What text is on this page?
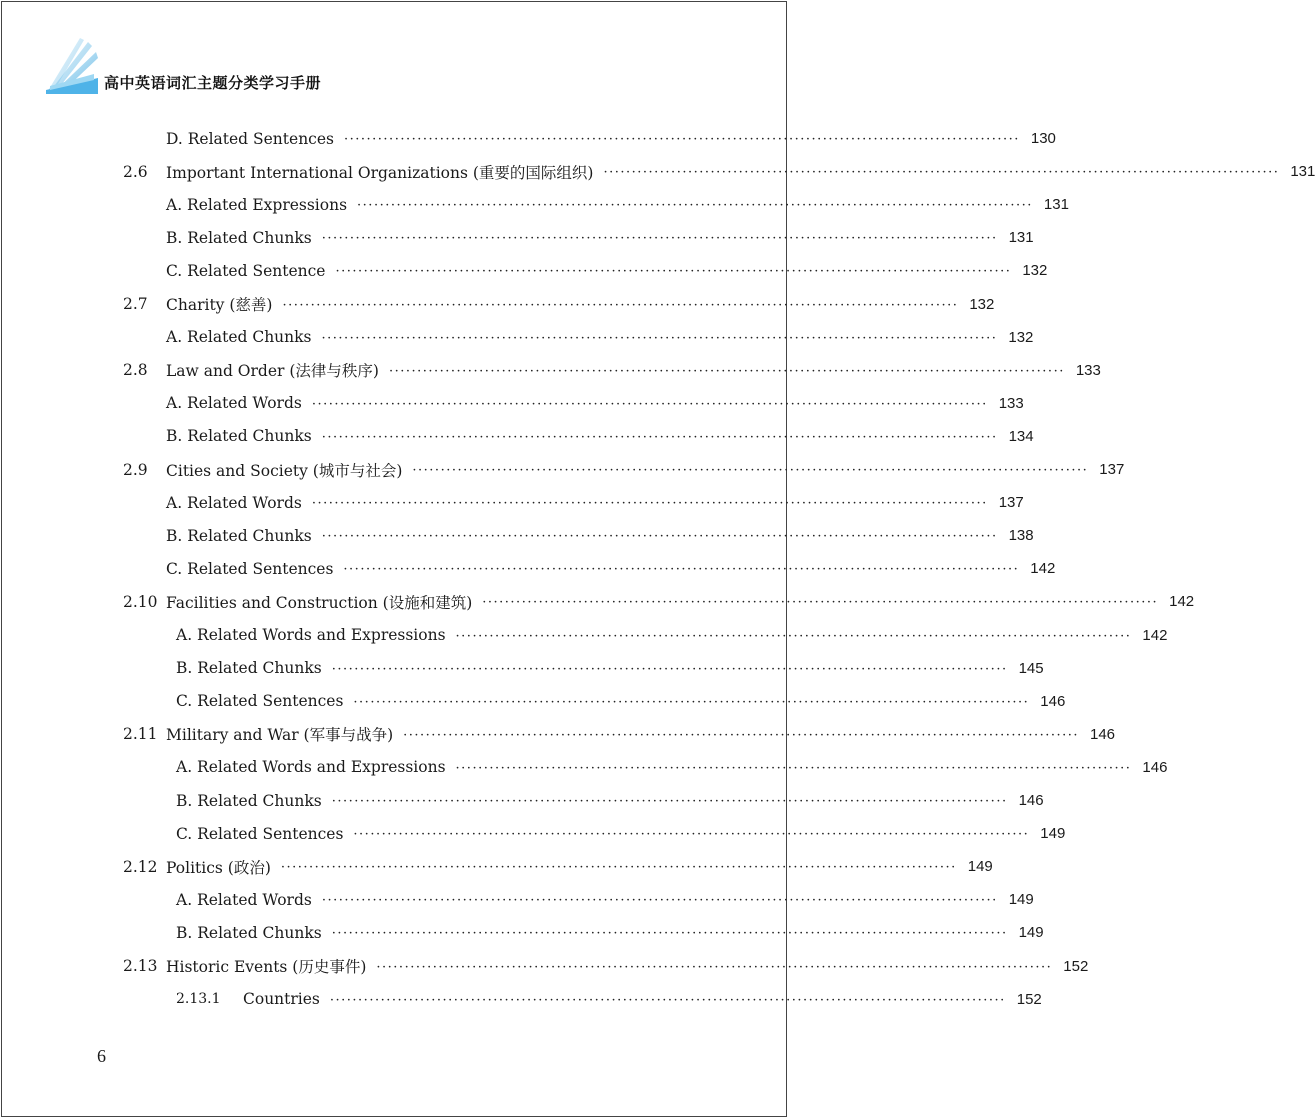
高中英语词汇主题分类学习手册
D. Related Sentences ························································································································ 130
2.6 Important International Organizations (重要的国际组织) ························································································································ 131
A. Related Expressions ························································································································ 131
B. Related Chunks ························································································································ 131
C. Related Sentence ························································································································ 132
2.7 Charity (慈善) ························································································································ 132
A. Related Chunks ························································································································ 132
2.8 Law and Order (法律与秩序) ························································································································ 133
A. Related Words ························································································································ 133
B. Related Chunks ························································································································ 134
2.9 Cities and Society (城市与社会) ························································································································ 137
A. Related Words ························································································································ 137
B. Related Chunks ························································································································ 138
C. Related Sentences ························································································································ 142
2.10 Facilities and Construction (设施和建筑) ························································································································ 142
A. Related Words and Expressions ························································································································ 142
B. Related Chunks ························································································································ 145
C. Related Sentences ························································································································ 146
2.11 Military and War (军事与战争) ························································································································ 146
A. Related Words and Expressions ························································································································ 146
B. Related Chunks ························································································································ 146
C. Related Sentences ························································································································ 149
2.12 Politics (政治) ························································································································ 149
A. Related Words ························································································································ 149
B. Related Chunks ························································································································ 149
2.13 Historic Events (历史事件) ························································································································ 152
2.13.1 Countries ························································································································ 152
6
